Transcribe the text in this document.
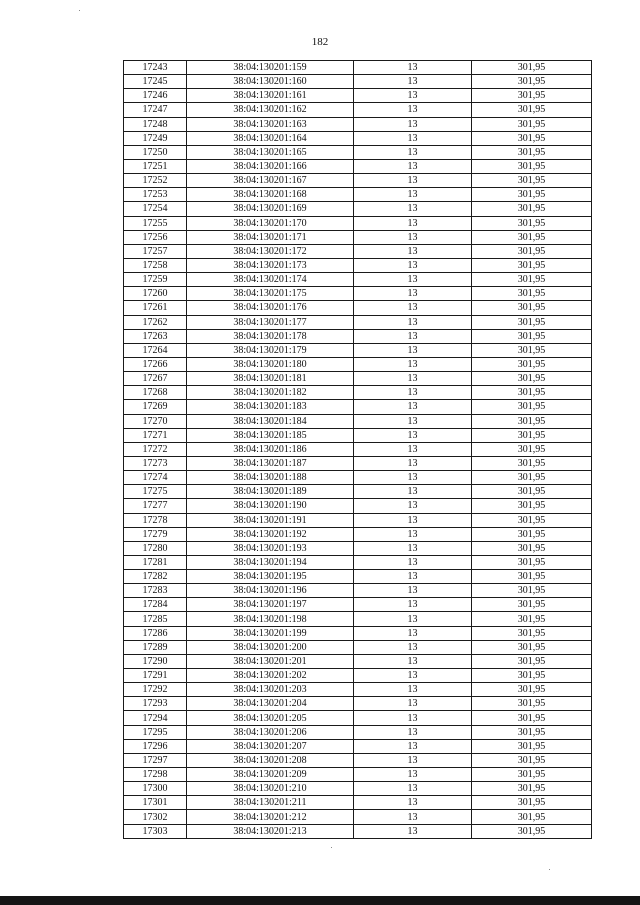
182
17243	38:04:130201:159	13	301,95
17245	38:04:130201:160	13	301,95
17246	38:04:130201:161	13	301,95
17247	38:04:130201:162	13	301,95
17248	38:04:130201:163	13	301,95
17249	38:04:130201:164	13	301,95
17250	38:04:130201:165	13	301,95
17251	38:04:130201:166	13	301,95
17252	38:04:130201:167	13	301,95
17253	38:04:130201:168	13	301,95
17254	38:04:130201:169	13	301,95
17255	38:04:130201:170	13	301,95
17256	38:04:130201:171	13	301,95
17257	38:04:130201:172	13	301,95
17258	38:04:130201:173	13	301,95
17259	38:04:130201:174	13	301,95
17260	38:04:130201:175	13	301,95
17261	38:04:130201:176	13	301,95
17262	38:04:130201:177	13	301,95
17263	38:04:130201:178	13	301,95
17264	38:04:130201:179	13	301,95
17266	38:04:130201:180	13	301,95
17267	38:04:130201:181	13	301,95
17268	38:04:130201:182	13	301,95
17269	38:04:130201:183	13	301,95
17270	38:04:130201:184	13	301,95
17271	38:04:130201:185	13	301,95
17272	38:04:130201:186	13	301,95
17273	38:04:130201:187	13	301,95
17274	38:04:130201:188	13	301,95
17275	38:04:130201:189	13	301,95
17277	38:04:130201:190	13	301,95
17278	38:04:130201:191	13	301,95
17279	38:04:130201:192	13	301,95
17280	38:04:130201:193	13	301,95
17281	38:04:130201:194	13	301,95
17282	38:04:130201:195	13	301,95
17283	38:04:130201:196	13	301,95
17284	38:04:130201:197	13	301,95
17285	38:04:130201:198	13	301,95
17286	38:04:130201:199	13	301,95
17289	38:04:130201:200	13	301,95
17290	38:04:130201:201	13	301,95
17291	38:04:130201:202	13	301,95
17292	38:04:130201:203	13	301,95
17293	38:04:130201:204	13	301,95
17294	38:04:130201:205	13	301,95
17295	38:04:130201:206	13	301,95
17296	38:04:130201:207	13	301,95
17297	38:04:130201:208	13	301,95
17298	38:04:130201:209	13	301,95
17300	38:04:130201:210	13	301,95
17301	38:04:130201:211	13	301,95
17302	38:04:130201:212	13	301,95
17303	38:04:130201:213	13	301,95
